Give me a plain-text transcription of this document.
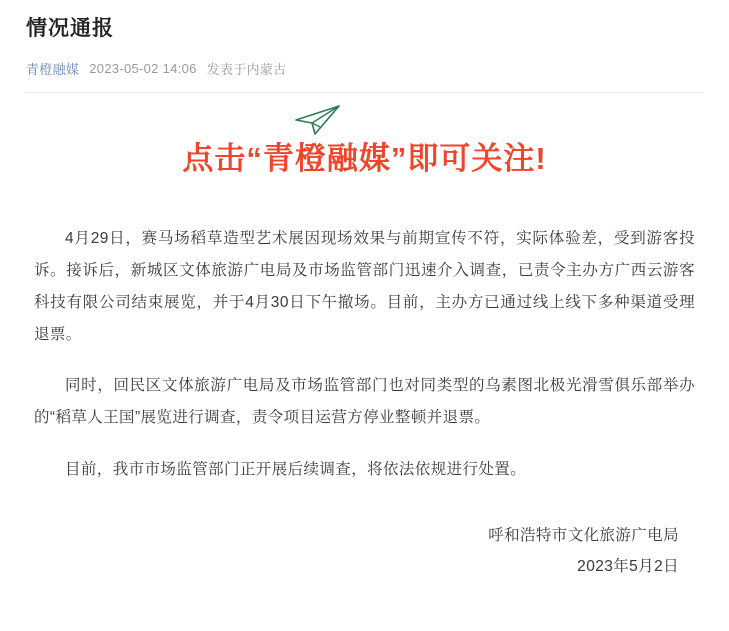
情况通报
青橙融媒 2023-05-02 14:06 发表于内蒙古
点击“青橙融媒”即可关注!

4月29日，赛马场稻草造型艺术展因现场效果与前期宣传不符，实际体验差，受到游客投诉。接诉后，新城区文体旅游广电局及市场监管部门迅速介入调查，已责令主办方广西云游客科技有限公司结束展览，并于4月30日下午撤场。目前，主办方已通过线上线下多种渠道受理退票。

同时，回民区文体旅游广电局及市场监管部门也对同类型的乌素图北极光滑雪俱乐部举办的“稻草人王国”展览进行调查，责令项目运营方停业整顿并退票。

目前，我市市场监管部门正开展后续调查，将依法依规进行处置。

呼和浩特市文化旅游广电局
2023年5月2日
